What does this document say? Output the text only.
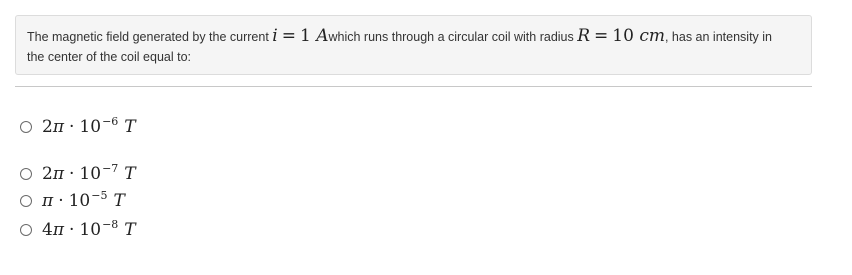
The magnetic field generated by the current i = 1 Awhich runs through a circular coil with radius R = 10 cm, has an intensity in
the center of the coil equal to:
$2\pi \cdot 10^{-6}$ T
$2\pi \cdot 10^{-7}$ T
$\pi \cdot 10^{-5}$ T
$4\pi \cdot 10^{-8}$ T
